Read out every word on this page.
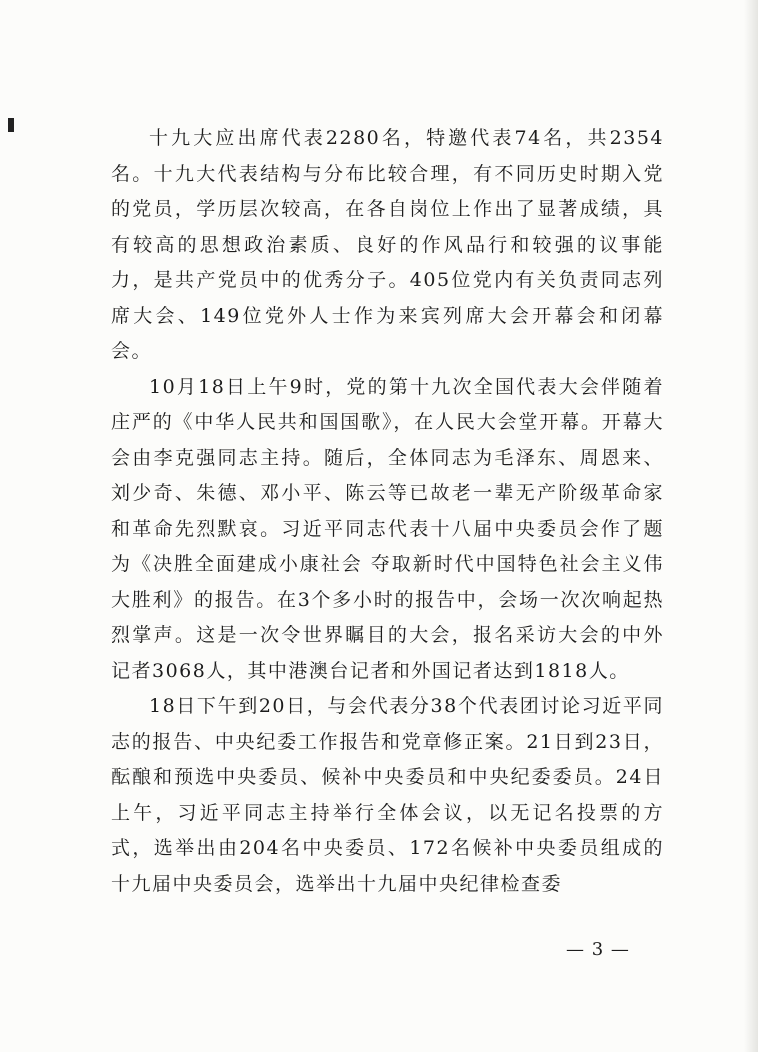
十九大应出席代表2280名，特邀代表74名，共2354名。十九大代表结构与分布比较合理，有不同历史时期入党的党员，学历层次较高，在各自岗位上作出了显著成绩，具有较高的思想政治素质、良好的作风品行和较强的议事能力，是共产党员中的优秀分子。405位党内有关负责同志列席大会、149位党外人士作为来宾列席大会开幕会和闭幕会。

10月18日上午9时，党的第十九次全国代表大会伴随着庄严的《中华人民共和国国歌》，在人民大会堂开幕。开幕大会由李克强同志主持。随后，全体同志为毛泽东、周恩来、刘少奇、朱德、邓小平、陈云等已故老一辈无产阶级革命家和革命先烈默哀。习近平同志代表十八届中央委员会作了题为《决胜全面建成小康社会 夺取新时代中国特色社会主义伟大胜利》的报告。在3个多小时的报告中，会场一次次响起热烈掌声。这是一次令世界瞩目的大会，报名采访大会的中外记者3068人，其中港澳台记者和外国记者达到1818人。

18日下午到20日，与会代表分38个代表团讨论习近平同志的报告、中央纪委工作报告和党章修正案。21日到23日，酝酿和预选中央委员、候补中央委员和中央纪委委员。24日上午，习近平同志主持举行全体会议，以无记名投票的方式，选举出由204名中央委员、172名候补中央委员组成的十九届中央委员会，选举出十九届中央纪律检查委

— 3 —
